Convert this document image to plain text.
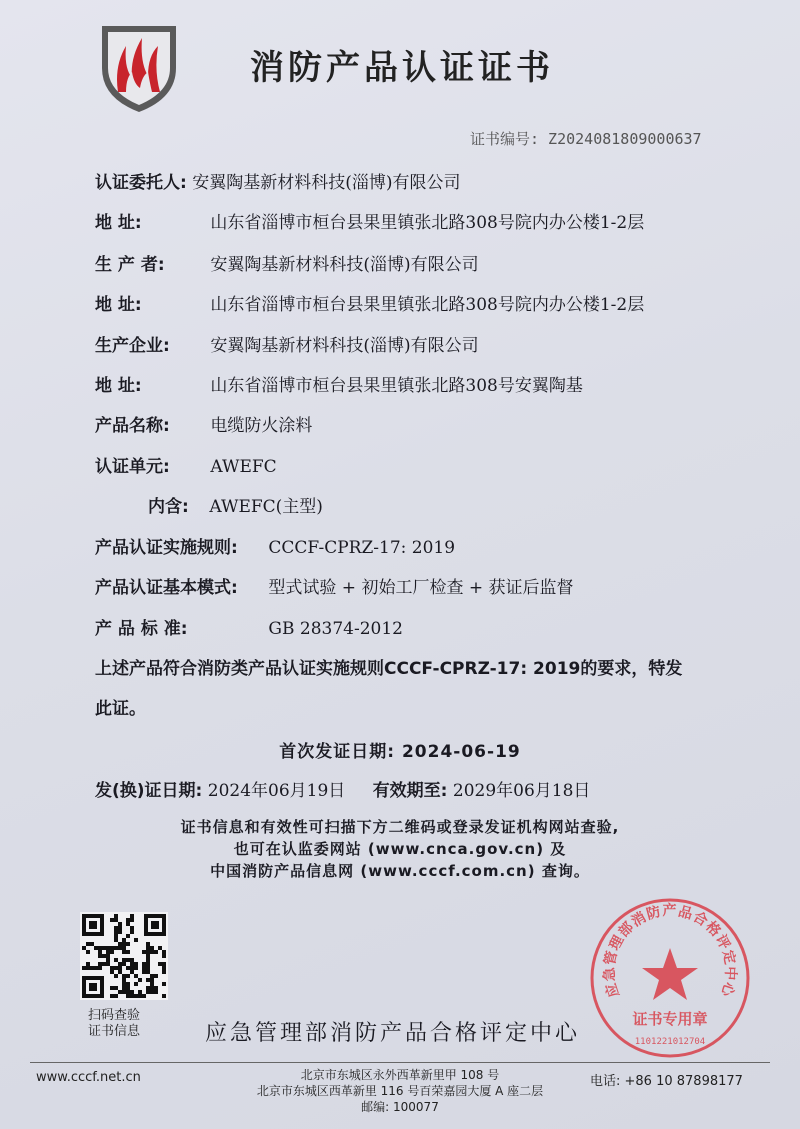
消防产品认证证书
证书编号: Z2024081809000637
认证委托人: 安翼陶基新材料科技(淄博)有限公司
地 址:	山东省淄博市桓台县果里镇张北路308号院内办公楼1-2层
生 产 者:	安翼陶基新材料科技(淄博)有限公司
地 址:	山东省淄博市桓台县果里镇张北路308号院内办公楼1-2层
生产企业: 安翼陶基新材料科技(淄博)有限公司
地 址:	山东省淄博市桓台县果里镇张北路308号安翼陶基
产品名称: 电缆防火涂料
认证单元: AWEFC
内含: AWEFC(主型)
产品认证实施规则: CCCF-CPRZ-17: 2019
产品认证基本模式: 型式试验 + 初始工厂检查 + 获证后监督
产 品 标 准:	GB 28374-2012
上述产品符合消防类产品认证实施规则CCCF-CPRZ-17: 2019的要求，特发
此证。
首次发证日期: 2024-06-19
发(换)证日期: 2024年06月19日 有效期至: 2029年06月18日
证书信息和有效性可扫描下方二维码或登录发证机构网站查验,
也可在认监委网站 (www.cnca.gov.cn) 及
中国消防产品信息网 (www.cccf.com.cn) 查询。
扫码查验
证书信息	应急管理部消防产品合格评定中心
应急管理部消防产品合格评定中心
证书专用章
1101221012704
www.cccf.net.cn	北京市东城区永外西革新里甲 108 号
北京市东城区西革新里 116 号百荣嘉园大厦 A 座二层
邮编: 100077
电话: +86 10 87898177
